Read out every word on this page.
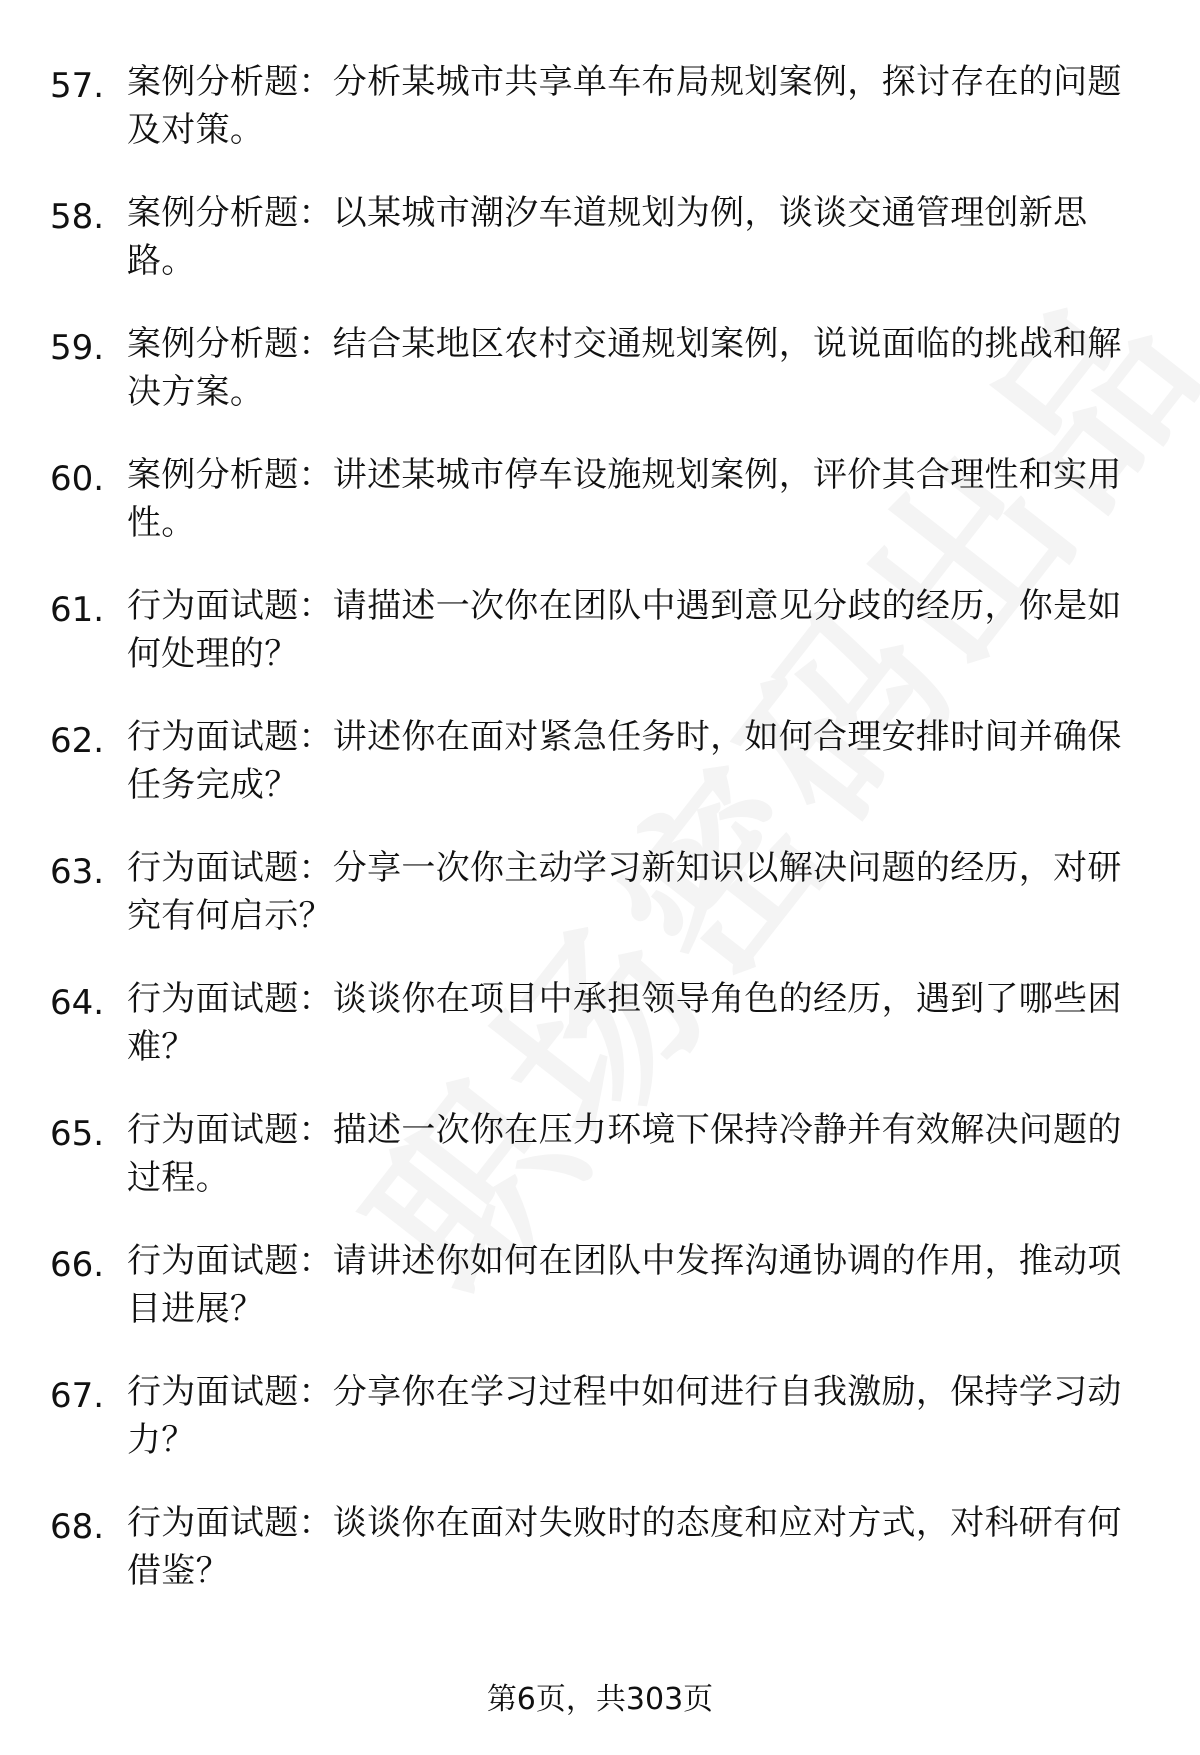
57. 案例分析题：分析某城市共享单车布局规划案例，探讨存在的问题及对策。
58. 案例分析题：以某城市潮汐车道规划为例，谈谈交通管理创新思路。
59. 案例分析题：结合某地区农村交通规划案例，说说面临的挑战和解决方案。
60. 案例分析题：讲述某城市停车设施规划案例，评价其合理性和实用性。
61. 行为面试题：请描述一次你在团队中遇到意见分歧的经历，你是如何处理的？
62. 行为面试题：讲述你在面对紧急任务时，如何合理安排时间并确保任务完成？
63. 行为面试题：分享一次你主动学习新知识以解决问题的经历，对研究有何启示？
64. 行为面试题：谈谈你在项目中承担领导角色的经历，遇到了哪些困难？
65. 行为面试题：描述一次你在压力环境下保持冷静并有效解决问题的过程。
66. 行为面试题：请讲述你如何在团队中发挥沟通协调的作用，推动项目进展？
67. 行为面试题：分享你在学习过程中如何进行自我激励，保持学习动力？
68. 行为面试题：谈谈你在面对失败时的态度和应对方式，对科研有何借鉴？
第6页，共303页
